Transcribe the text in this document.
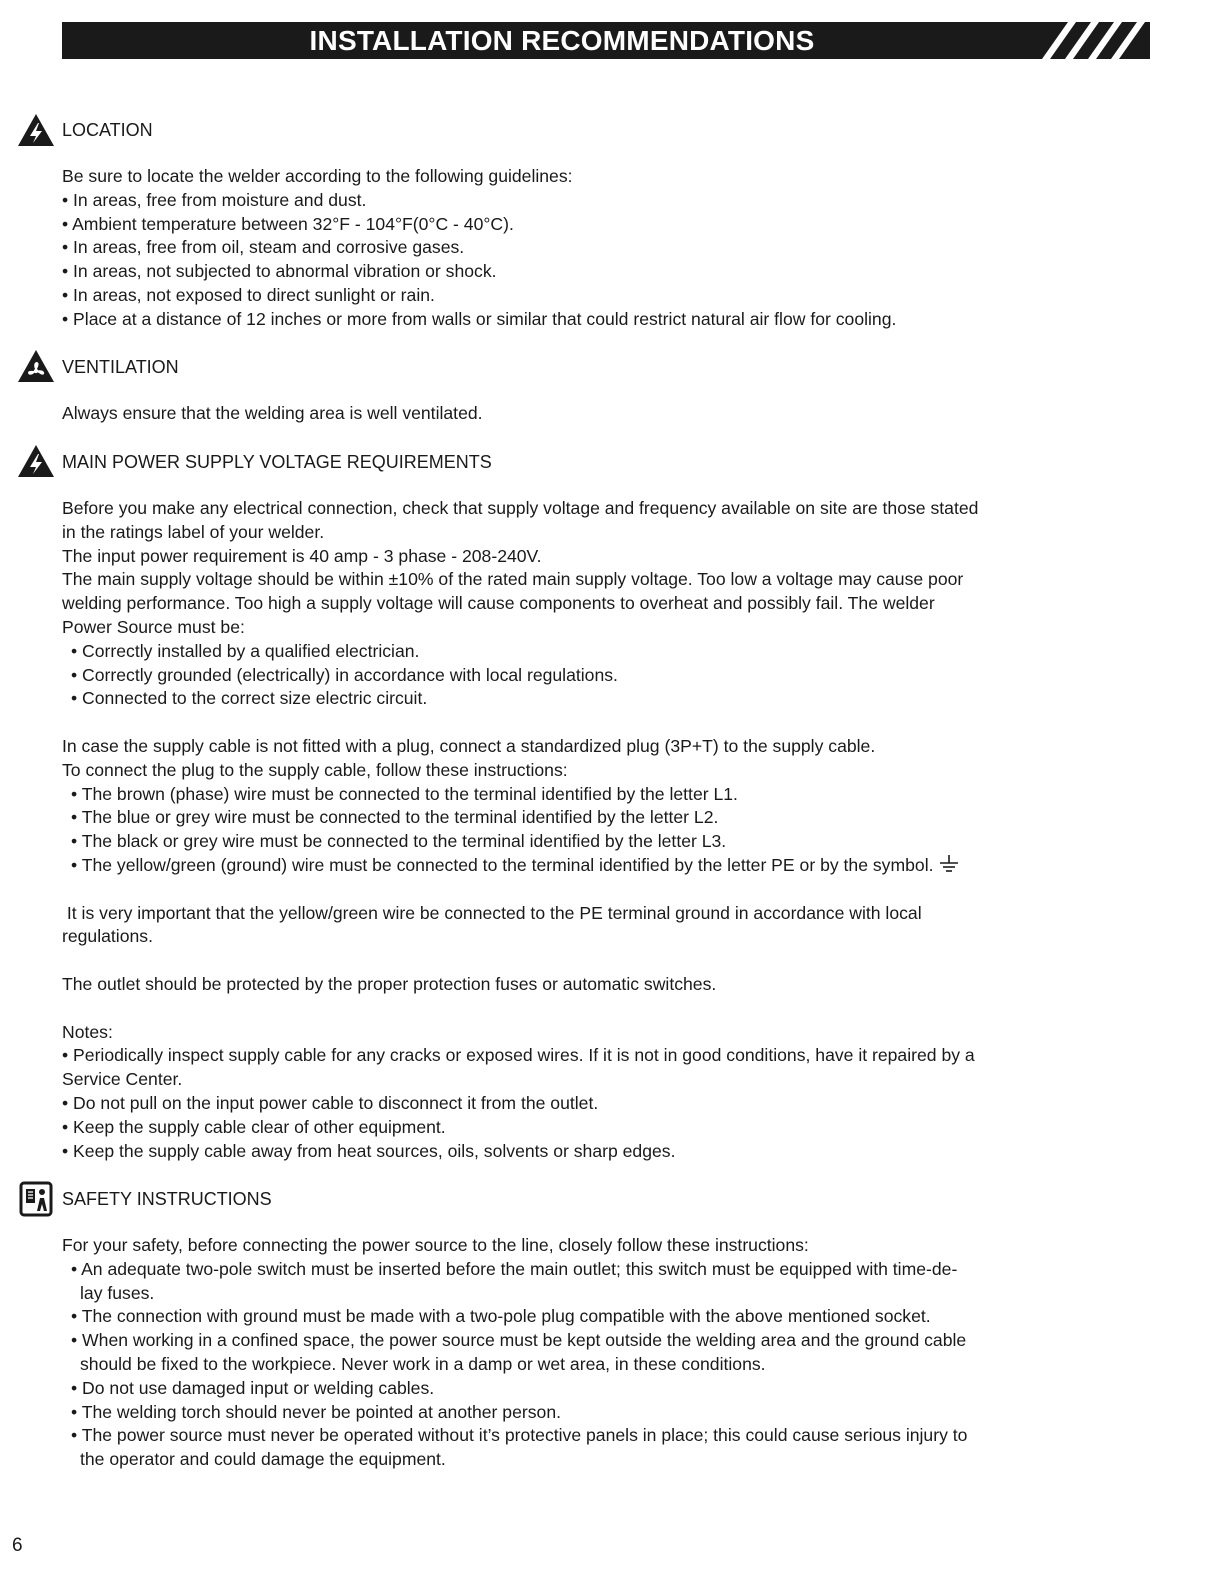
INSTALLATION RECOMMENDATIONS
LOCATION
Be sure to locate the welder according to the following guidelines:
• In areas, free from moisture and dust.
• Ambient temperature between 32°F - 104°F(0°C - 40°C).
• In areas, free from oil, steam and corrosive gases.
• In areas, not subjected to abnormal vibration or shock.
• In areas, not exposed to direct sunlight or rain.
• Place at a distance of 12 inches or more from walls or similar that could restrict natural air flow for cooling.
VENTILATION
Always ensure that the welding area is well ventilated.
MAIN POWER SUPPLY VOLTAGE REQUIREMENTS
Before you make any electrical connection, check that supply voltage and frequency available on site are those stated
in the ratings label of your welder.
The input power requirement is 40 amp - 3 phase - 208-240V.
The main supply voltage should be within ±10% of the rated main supply voltage. Too low a voltage may cause poor
welding performance. Too high a supply voltage will cause components to overheat and possibly fail. The welder
Power Source must be:
• Correctly installed by a qualified electrician.
• Correctly grounded (electrically) in accordance with local regulations.
• Connected to the correct size electric circuit.
In case the supply cable is not fitted with a plug, connect a standardized plug (3P+T) to the supply cable.
To connect the plug to the supply cable, follow these instructions:
• The brown (phase) wire must be connected to the terminal identified by the letter L1.
• The blue or grey wire must be connected to the terminal identified by the letter L2.
• The black or grey wire must be connected to the terminal identified by the letter L3.
• The yellow/green (ground) wire must be connected to the terminal identified by the letter PE or by the symbol.
It is very important that the yellow/green wire be connected to the PE terminal ground in accordance with local
regulations.
The outlet should be protected by the proper protection fuses or automatic switches.
Notes:
• Periodically inspect supply cable for any cracks or exposed wires. If it is not in good conditions, have it repaired by a
Service Center.
• Do not pull on the input power cable to disconnect it from the outlet.
• Keep the supply cable clear of other equipment.
• Keep the supply cable away from heat sources, oils, solvents or sharp edges.
SAFETY INSTRUCTIONS
For your safety, before connecting the power source to the line, closely follow these instructions:
• An adequate two-pole switch must be inserted before the main outlet; this switch must be equipped with time-de-
lay fuses.
• The connection with ground must be made with a two-pole plug compatible with the above mentioned socket.
• When working in a confined space, the power source must be kept outside the welding area and the ground cable
should be fixed to the workpiece. Never work in a damp or wet area, in these conditions.
• Do not use damaged input or welding cables.
• The welding torch should never be pointed at another person.
• The power source must never be operated without it’s protective panels in place; this could cause serious injury to
the operator and could damage the equipment.
6
